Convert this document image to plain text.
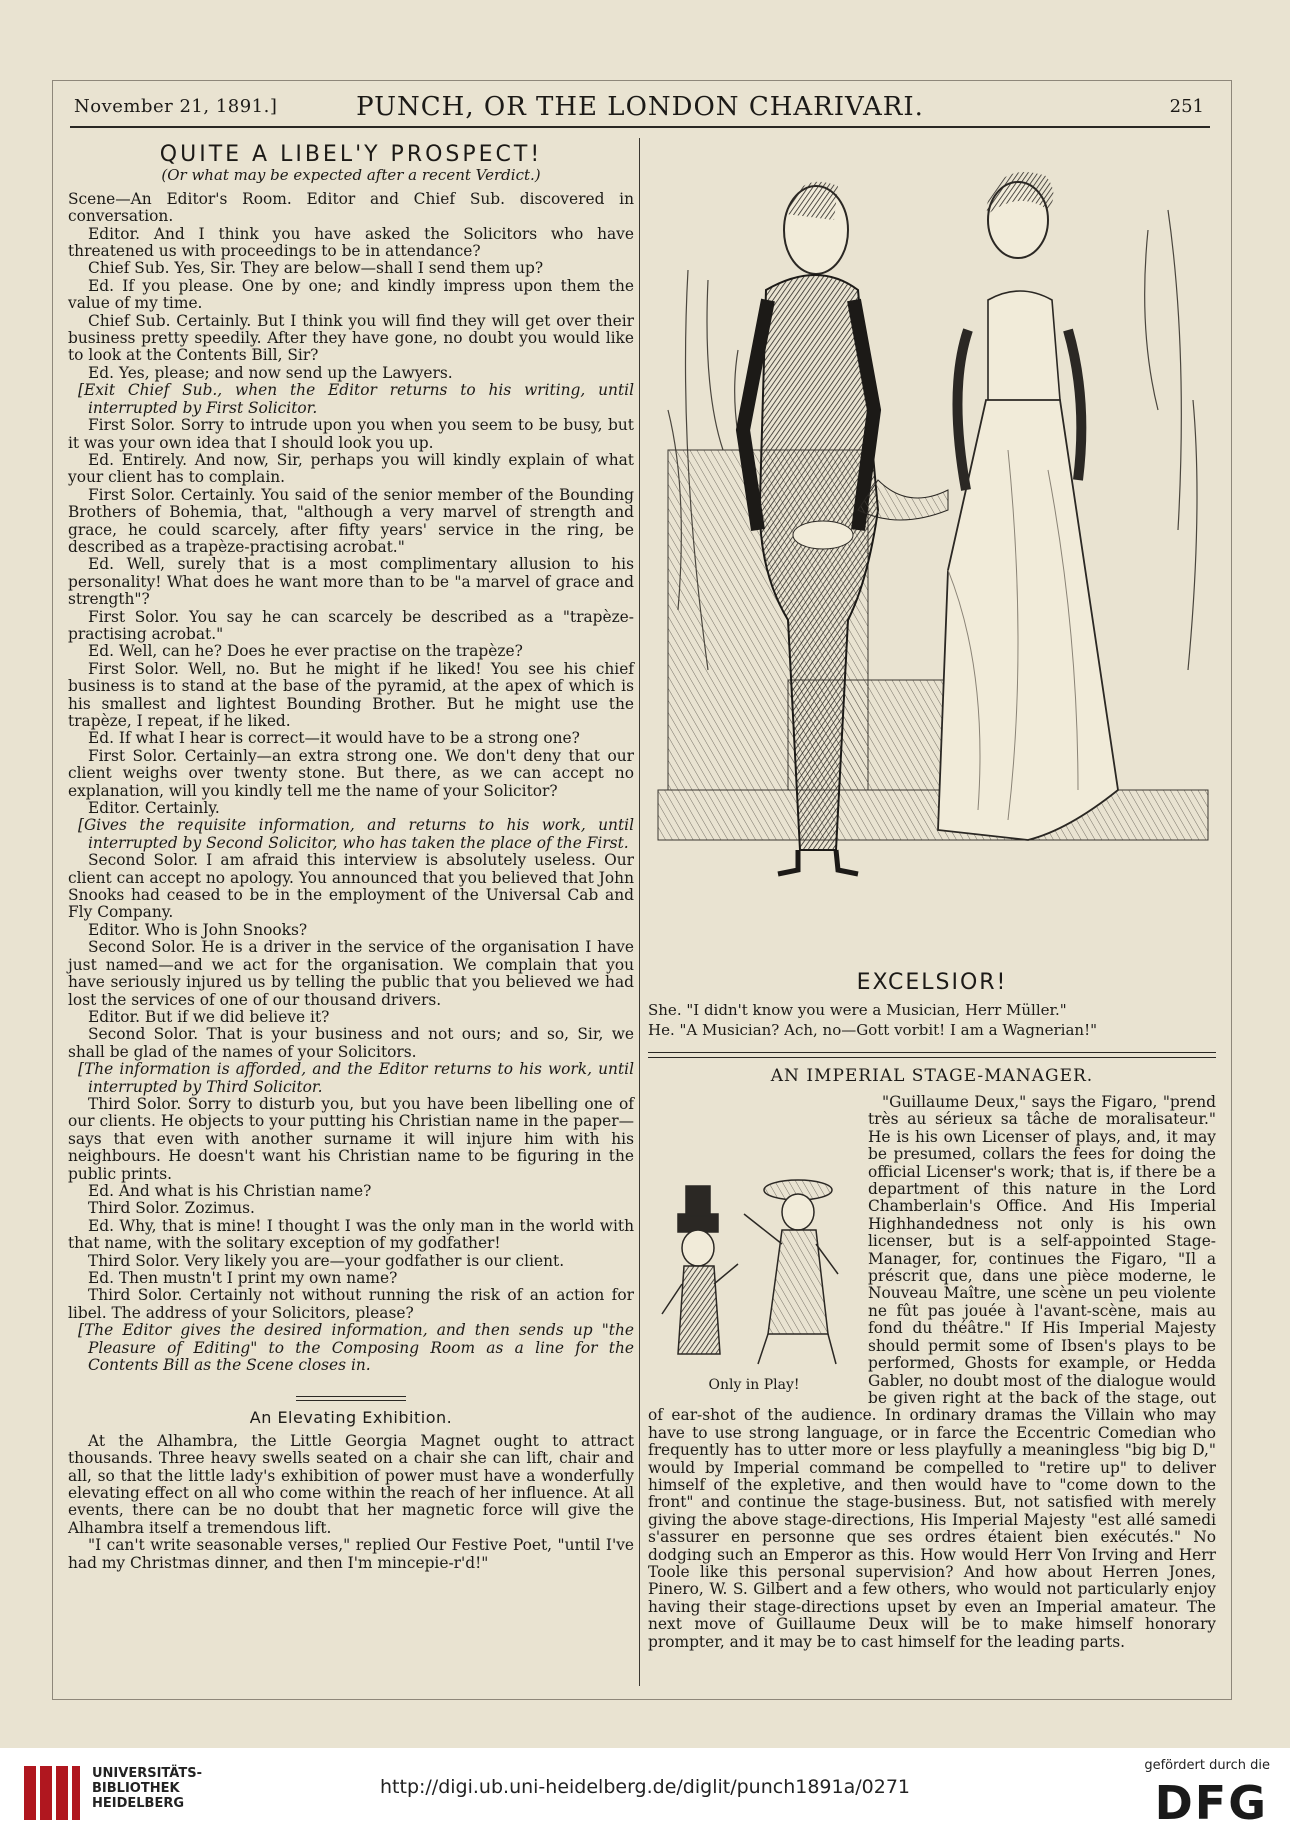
November 21, 1891.]	PUNCH, OR THE LONDON CHARIVARI.	251
QUITE A LIBEL'Y PROSPECT!
(Or what may be expected after a recent Verdict.)

Scene—An Editor's Room. Editor and Chief Sub. discovered in conversation.

Editor. And I think you have asked the Solicitors who have threatened us with proceedings to be in attendance?

Chief Sub. Yes, Sir. They are below—shall I send them up?

Ed. If you please. One by one; and kindly impress upon them the value of my time.

Chief Sub. Certainly. But I think you will find they will get over their business pretty speedily. After they have gone, no doubt you would like to look at the Contents Bill, Sir?

Ed. Yes, please; and now send up the Lawyers.

[Exit Chief Sub., when the Editor returns to his writing, until interrupted by First Solicitor.

First Solor. Sorry to intrude upon you when you seem to be busy, but it was your own idea that I should look you up.

Ed. Entirely. And now, Sir, perhaps you will kindly explain of what your client has to complain.

First Solor. Certainly. You said of the senior member of the Bounding Brothers of Bohemia, that, "although a very marvel of strength and grace, he could scarcely, after fifty years' service in the ring, be described as a trapèze-practising acrobat."

Ed. Well, surely that is a most complimentary allusion to his personality! What does he want more than to be "a marvel of grace and strength"?

First Solor. You say he can scarcely be described as a "trapèze-practising acrobat."

Ed. Well, can he? Does he ever practise on the trapèze?

First Solor. Well, no. But he might if he liked! You see his chief business is to stand at the base of the pyramid, at the apex of which is his smallest and lightest Bounding Brother. But he might use the trapèze, I repeat, if he liked.

Ed. If what I hear is correct—it would have to be a strong one?

First Solor. Certainly—an extra strong one. We don't deny that our client weighs over twenty stone. But there, as we can accept no explanation, will you kindly tell me the name of your Solicitor?

Editor. Certainly.

[Gives the requisite information, and returns to his work, until interrupted by Second Solicitor, who has taken the place of the First.

Second Solor. I am afraid this interview is absolutely useless. Our client can accept no apology. You announced that you believed that John Snooks had ceased to be in the employment of the Universal Cab and Fly Company.

Editor. Who is John Snooks?

Second Solor. He is a driver in the service of the organisation I have just named—and we act for the organisation. We complain that you have seriously injured us by telling the public that you believed we had lost the services of one of our thousand drivers.

Editor. But if we did believe it?

Second Solor. That is your business and not ours; and so, Sir, we shall be glad of the names of your Solicitors.

[The information is afforded, and the Editor returns to his work, until interrupted by Third Solicitor.

Third Solor. Sorry to disturb you, but you have been libelling one of our clients. He objects to your putting his Christian name in the paper—says that even with another surname it will injure him with his neighbours. He doesn't want his Christian name to be figuring in the public prints.

Ed. And what is his Christian name?

Third Solor. Zozimus.

Ed. Why, that is mine! I thought I was the only man in the world with that name, with the solitary exception of my godfather!

Third Solor. Very likely you are—your godfather is our client.

Ed. Then mustn't I print my own name?

Third Solor. Certainly not without running the risk of an action for libel. The address of your Solicitors, please?

[The Editor gives the desired information, and then sends up "the Pleasure of Editing" to the Composing Room as a line for the Contents Bill as the Scene closes in.

An Elevating Exhibition.

At the Alhambra, the Little Georgia Magnet ought to attract thousands. Three heavy swells seated on a chair she can lift, chair and all, so that the little lady's exhibition of power must have a wonderfully elevating effect on all who come within the reach of her influence. At all events, there can be no doubt that her magnetic force will give the Alhambra itself a tremendous lift.

"I can't write seasonable verses," replied Our Festive Poet, "until I've had my Christmas dinner, and then I'm mincepie-r'd!"

EXCELSIOR!
She. "I didn't know you were a Musician, Herr Müller."
He. "A Musician? Ach, no—Gott vorbit! I am a Wagnerian!"
AN IMPERIAL STAGE-MANAGER.
Only in Play!

"Guillaume Deux," says the Figaro, "prend très au sérieux sa tâche de moralisateur." He is his own Licenser of plays, and, it may be presumed, collars the fees for doing the official Licenser's work; that is, if there be a department of this nature in the Lord Chamberlain's Office. And His Imperial Highhandedness not only is his own licenser, but is a self-appointed Stage-Manager, for, continues the Figaro, "Il a préscrit que, dans une pièce moderne, le Nouveau Maître, une scène un peu violente ne fût pas jouée à l'avant-scène, mais au fond du théâtre." If His Imperial Majesty should permit some of Ibsen's plays to be performed, Ghosts for example, or Hedda Gabler, no doubt most of the dialogue would be given right at the back of the stage, out of ear-shot of the audience. In ordinary dramas the Villain who may have to use strong language, or in farce the Eccentric Comedian who frequently has to utter more or less playfully a meaningless "big big D," would by Imperial command be compelled to "retire up" to deliver himself of the expletive, and then would have to "come down to the front" and continue the stage-business. But, not satisfied with merely giving the above stage-directions, His Imperial Majesty "est allé samedi s'assurer en personne que ses ordres étaient bien exécutés." No dodging such an Emperor as this. How would Herr Von Irving and Herr Toole like this personal supervision? And how about Herren Jones, Pinero, W. S. Gilbert and a few others, who would not particularly enjoy having their stage-directions upset by even an Imperial amateur. The next move of Guillaume Deux will be to make himself honorary prompter, and it may be to cast himself for the leading parts.

UNIVERSITÄTS-
BIBLIOTHEK
HEIDELBERG
http://digi.ub.uni-heidelberg.de/diglit/punch1891a/0271
gefördert durch die
DFG
